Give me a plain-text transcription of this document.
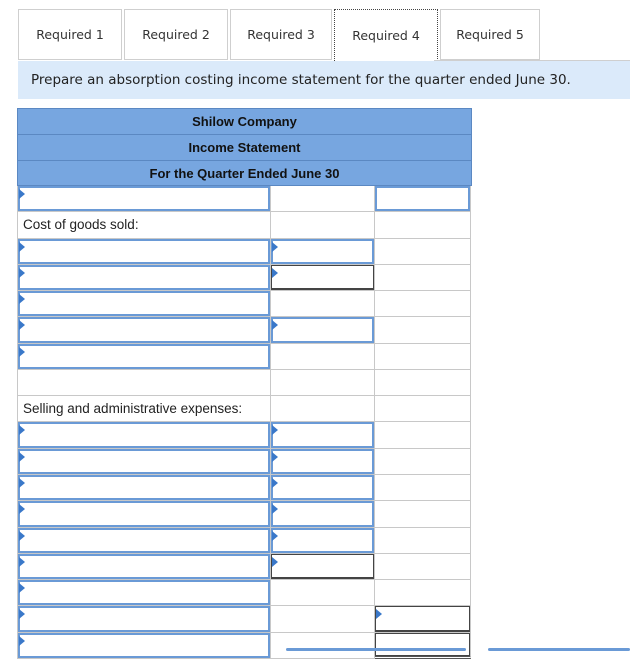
Required 1	Required 2	Required 3	Required 4	Required 5
Prepare an absorption costing income statement for the quarter ended June 30.
Shilow Company
Income Statement
For the Quarter Ended June 30
Cost of goods sold:
Selling and administrative expenses:
